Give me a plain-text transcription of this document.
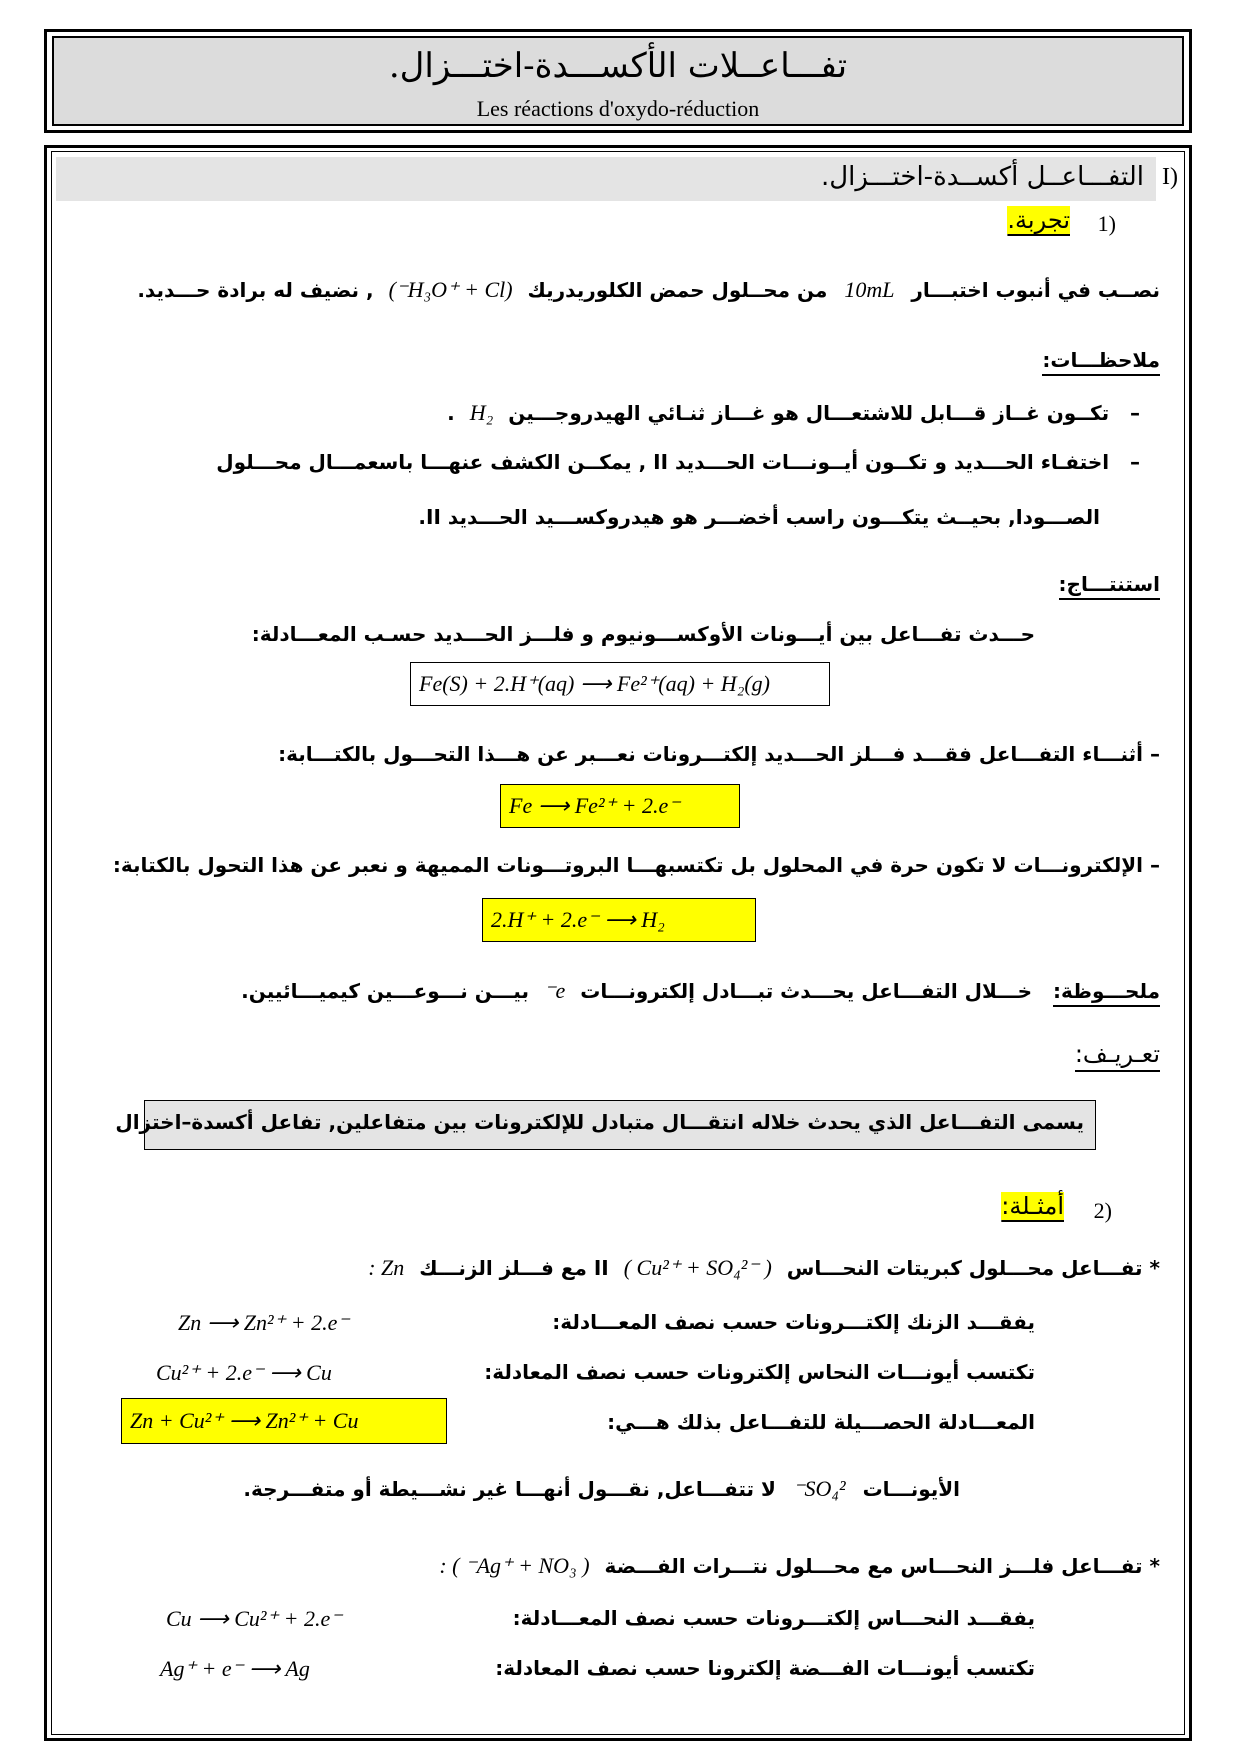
تفـــاعــلات الأكســـدة-اختـــزال.
Les réactions d'oxydo-réduction
التفـــاعــل أكســدة-اختـــزال. I)
تجربة. 1)
نصــب في أنبوب اختبـــار 10mL من محــلول حمض الكلوريدريك (H₃O⁺ + Cl⁻) , نضيف له برادة حـــديد.
ملاحظـــات:
–   تكــون غــاز قـــابل للاشتعـــال هو غـــاز ثنـائي الهيدروجـــين H₂ .
–   اختفـاء الحـــديد و تكــون أيــونـــات الحـــديد II , يمكــن الكشف عنهـــا باسعمـــال محـــلول
الصـــودا, بحيــث يتكـــون راسب أخضـــر هو هيدروكســـيد الحـــديد II.
استنتـــاج:
حـــدث تفـــاعل بين أيـــونات الأوكســـونيوم و فلـــز الحـــديد حسـب المعـــادلة:
Fe(S) + 2.H⁺(aq) ⟶ Fe²⁺(aq) + H₂(g)
– أثنـــاء التفـــاعل فقـــد فـــلز الحـــديد إلكتـــرونات نعـــبر عن هـــذا التحـــول بالكتـــابة:
Fe ⟶ Fe²⁺ + 2.e⁻
– الإلكترونـــات لا تكون حرة في المحلول بل تكتسبهـــا البروتـــونات المميهة و نعبر عن هذا التحول بالكتابة:
2.H⁺ + 2.e⁻ ⟶ H₂
ملحـــوظة:   خـــلال التفـــاعل يحـــدث تبـــادل إلكترونـــات e⁻ بيـــن نـــوعـــين كيميـــائيين.
تعـريـف:
يسمى التفـــاعل الذي يحدث خلاله انتقـــال متبادل للإلكترونات بين متفاعلين, تفاعل أكسدة–اختزال
أمثـلة: 2)
* تفـــاعل محـــلول كبريتات النحـــاس II ( Cu²⁺ + SO₄²⁻ ) مع فـــلز الزنـــك Zn :
يفقـــد الزنك إلكتـــرونات حسب نصف المعـــادلة:
Zn ⟶ Zn²⁺ + 2.e⁻
تكتسب أيونـــات النحاس إلكترونات حسب نصف المعادلة:
Cu²⁺ + 2.e⁻ ⟶ Cu
المعـــادلة الحصـــيلة للتفـــاعل بذلك هـــي:
Zn + Cu²⁺ ⟶ Zn²⁺ + Cu
الأيونـــات SO₄²⁻ لا تتفـــاعل, نقـــول أنهـــا غير نشـــيطة أو متفـــرجة.
* تفـــاعل فلـــز النحـــاس مع محـــلول نتـــرات الفـــضة ( Ag⁺ + NO₃⁻ ) :
يفقـــد النحـــاس إلكتـــرونات حسب نصف المعـــادلة:
Cu ⟶ Cu²⁺ + 2.e⁻
تكتسب أيونـــات الفـــضة إلكترونا حسب نصف المعادلة:
Ag⁺ + e⁻ ⟶ Ag
